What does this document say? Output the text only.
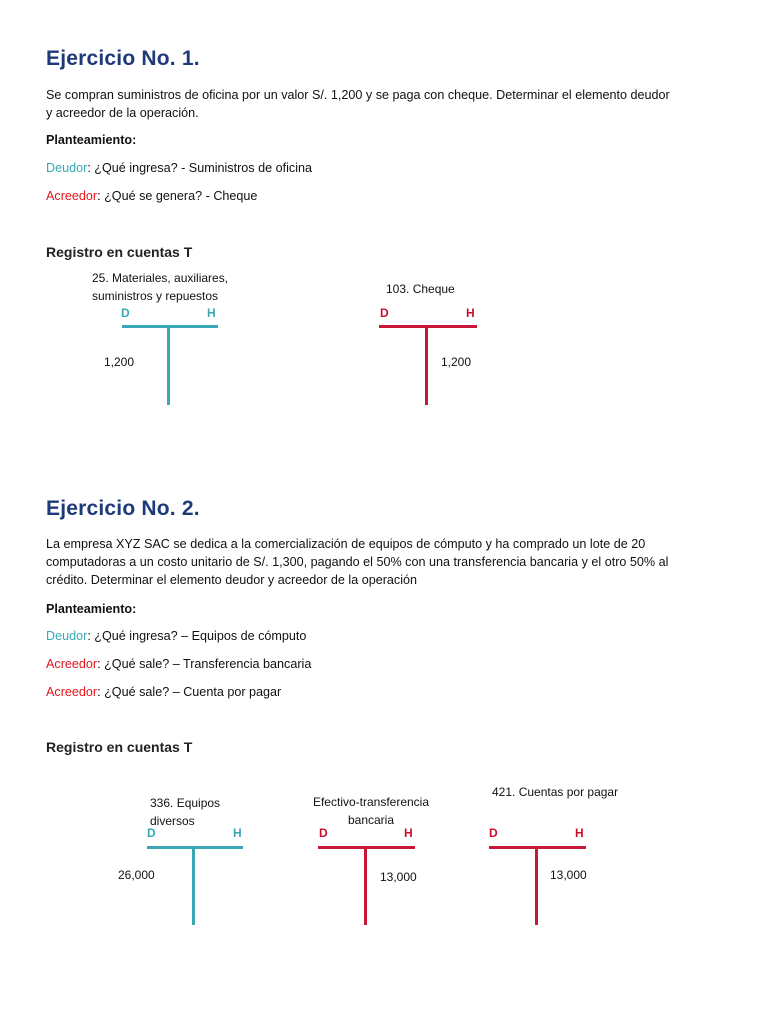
Ejercicio No. 1.
Se compran suministros de oficina por un valor S/. 1,200 y se paga con cheque. Determinar el elemento deudor
y acreedor de la operación.
Planteamiento:
Deudor: ¿Qué ingresa? - Suministros de oficina
Acreedor: ¿Qué se genera? - Cheque
Registro en cuentas T
25. Materiales, auxiliares,
suministros y repuestos
D	H
1,200
103. Cheque
D	H
1,200
Ejercicio No. 2.
La empresa XYZ SAC se dedica a la comercialización de equipos de cómputo y ha comprado un lote de 20
computadoras a un costo unitario de S/. 1,300, pagando el 50% con una transferencia bancaria y el otro 50% al
crédito. Determinar el elemento deudor y acreedor de la operación
Planteamiento:
Deudor: ¿Qué ingresa? – Equipos de cómputo
Acreedor: ¿Qué sale? – Transferencia bancaria
Acreedor: ¿Qué sale? – Cuenta por pagar
Registro en cuentas T
336. Equipos
diversos
D	H
26,000
Efectivo-transferencia
bancaria
D	H
13,000
421. Cuentas por pagar
D	H
13,000
